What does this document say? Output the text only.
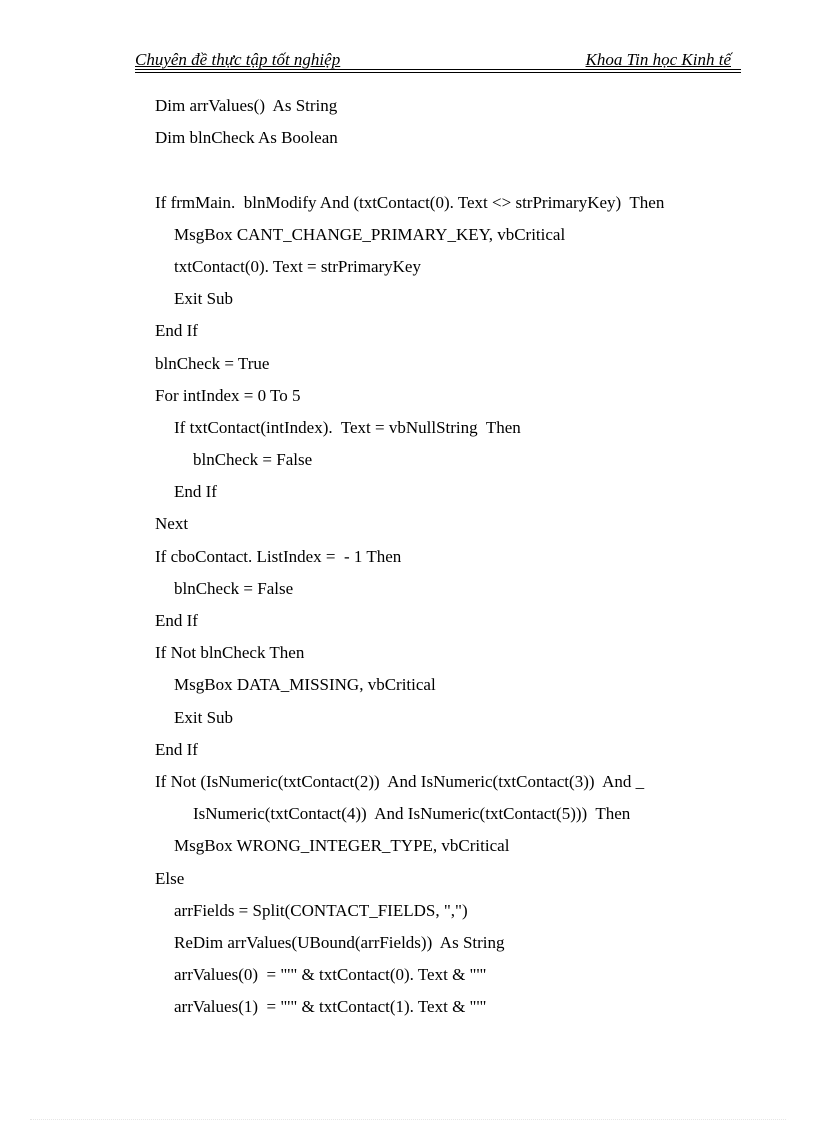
Chuyên đề thực tập tốt nghiệp	Khoa Tin học Kinh tế
Dim arrValues()  As String
Dim blnCheck As Boolean
If frmMain.  blnModify And (txtContact(0). Text <> strPrimaryKey)  Then
MsgBox CANT_CHANGE_PRIMARY_KEY, vbCritical
txtContact(0). Text = strPrimaryKey
Exit Sub
End If
blnCheck = True
For intIndex = 0 To 5
If txtContact(intIndex).  Text = vbNullString  Then
blnCheck = False
End If
Next
If cboContact. ListIndex =  - 1 Then
blnCheck = False
End If
If Not blnCheck Then
MsgBox DATA_MISSING, vbCritical
Exit Sub
End If
If Not (IsNumeric(txtContact(2))  And IsNumeric(txtContact(3))  And _
IsNumeric(txtContact(4))  And IsNumeric(txtContact(5)))  Then
MsgBox WRONG_INTEGER_TYPE, vbCritical
Else
arrFields = Split(CONTACT_FIELDS, ",")
ReDim arrValues(UBound(arrFields))  As String
arrValues(0)  = "'" & txtContact(0). Text & "'"
arrValues(1)  = "'" & txtContact(1). Text & "'"
